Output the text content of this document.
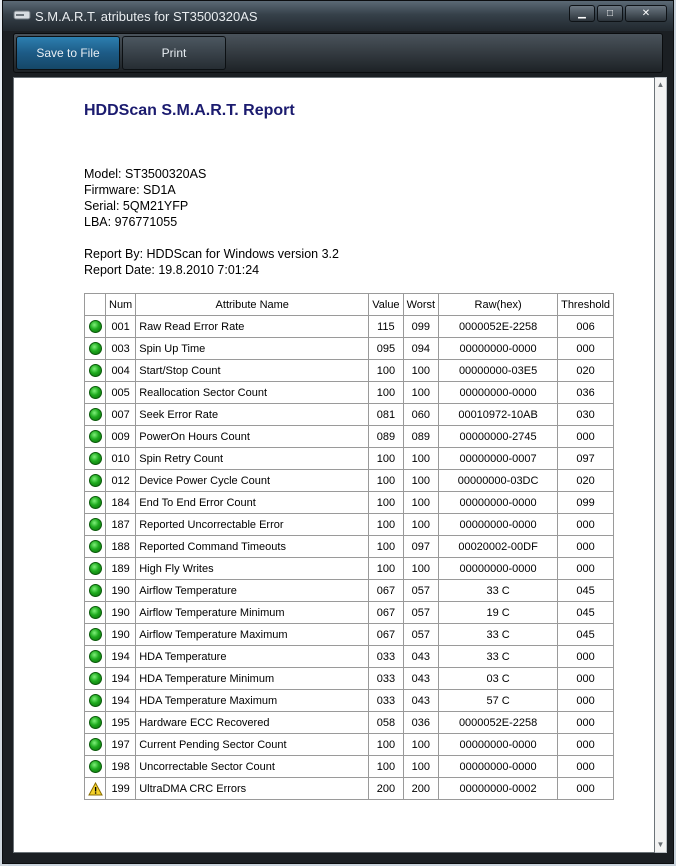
S.M.A.R.T. atributes for ST3500320AS	▁ □	✕
Save to File	Print
HDDScan S.M.A.R.T. Report
Model: ST3500320AS
Firmware: SD1A
Serial: 5QM21YFP
LBA: 976771055
Report By: HDDScan for Windows version 3.2
Report Date: 19.8.2010 7:01:24
	Num	Attribute Name	Value	Worst	Raw(hex)	Threshold
	001	Raw Read Error Rate	115	099	0000052E-2258	006
	003	Spin Up Time	095	094	00000000-0000	000
	004	Start/Stop Count	100	100	00000000-03E5	020
	005	Reallocation Sector Count	100	100	00000000-0000	036
	007	Seek Error Rate	081	060	00010972-10AB	030
	009	PowerOn Hours Count	089	089	00000000-2745	000
	010	Spin Retry Count	100	100	00000000-0007	097
	012	Device Power Cycle Count	100	100	00000000-03DC	020
	184	End To End Error Count	100	100	00000000-0000	099
	187	Reported Uncorrectable Error	100	100	00000000-0000	000
	188	Reported Command Timeouts	100	097	00020002-00DF	000
	189	High Fly Writes	100	100	00000000-0000	000
	190	Airflow Temperature	067	057	33 C	045
	190	Airflow Temperature Minimum	067	057	19 C	045
	190	Airflow Temperature Maximum	067	057	33 C	045
	194	HDA Temperature	033	043	33 C	000
	194	HDA Temperature Minimum	033	043	03 C	000
	194	HDA Temperature Maximum	033	043	57 C	000
	195	Hardware ECC Recovered	058	036	0000052E-2258	000
	197	Current Pending Sector Count	100	100	00000000-0000	000
	198	Uncorrectable Sector Count	100	100	00000000-0000	000
	199	UltraDMA CRC Errors	200	200	00000000-0002	000
▲
▼
